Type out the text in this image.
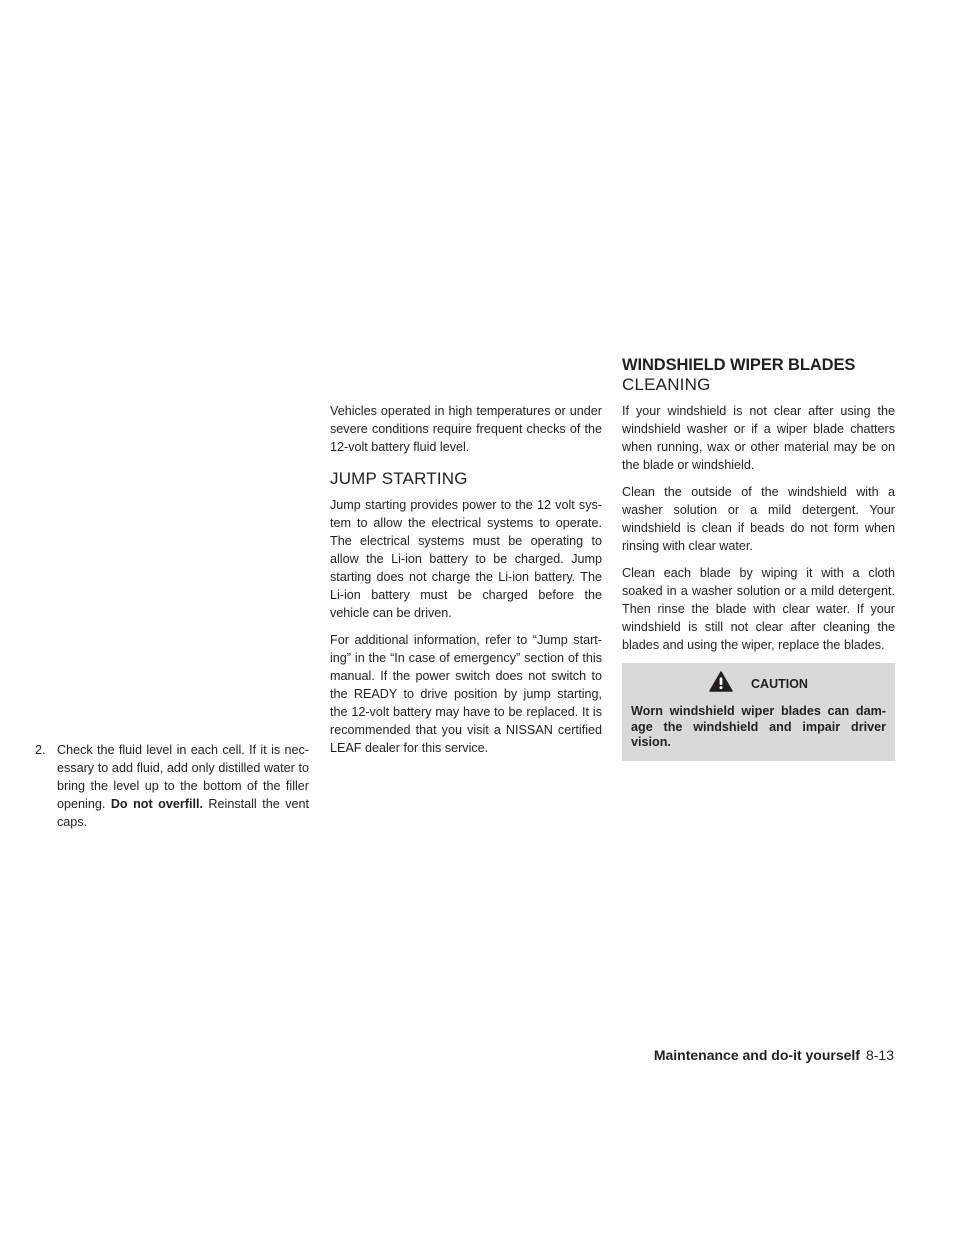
2. Check the fluid level in each cell. If it is nec- essary to add fluid, add only distilled water to bring the level up to the bottom of the filler opening. Do not overfill. Reinstall the vent caps.

Vehicles operated in high temperatures or under severe conditions require frequent checks of the 12-volt battery fluid level.

JUMP STARTING

Jump starting provides power to the 12 volt sys- tem to allow the electrical systems to operate. The electrical systems must be operating to allow the Li-ion battery to be charged. Jump starting does not charge the Li-ion battery. The Li-ion battery must be charged before the vehicle can be driven.

For additional information, refer to “Jump start- ing” in the “In case of emergency” section of this manual. If the power switch does not switch to the READY to drive position by jump starting, the 12-volt battery may have to be replaced. It is recommended that you visit a NISSAN certified LEAF dealer for this service.

WINDSHIELD WIPER BLADES
CLEANING

If your windshield is not clear after using the windshield washer or if a wiper blade chatters when running, wax or other material may be on the blade or windshield.

Clean the outside of the windshield with a washer solution or a mild detergent. Your windshield is clean if beads do not form when rinsing with clear water.

Clean each blade by wiping it with a cloth soaked in a washer solution or a mild detergent. Then rinse the blade with clear water. If your windshield is still not clear after cleaning the blades and using the wiper, replace the blades.

CAUTION
Worn windshield wiper blades can dam- age the windshield and impair driver vision.
Maintenance and do-it yourself 8-13
